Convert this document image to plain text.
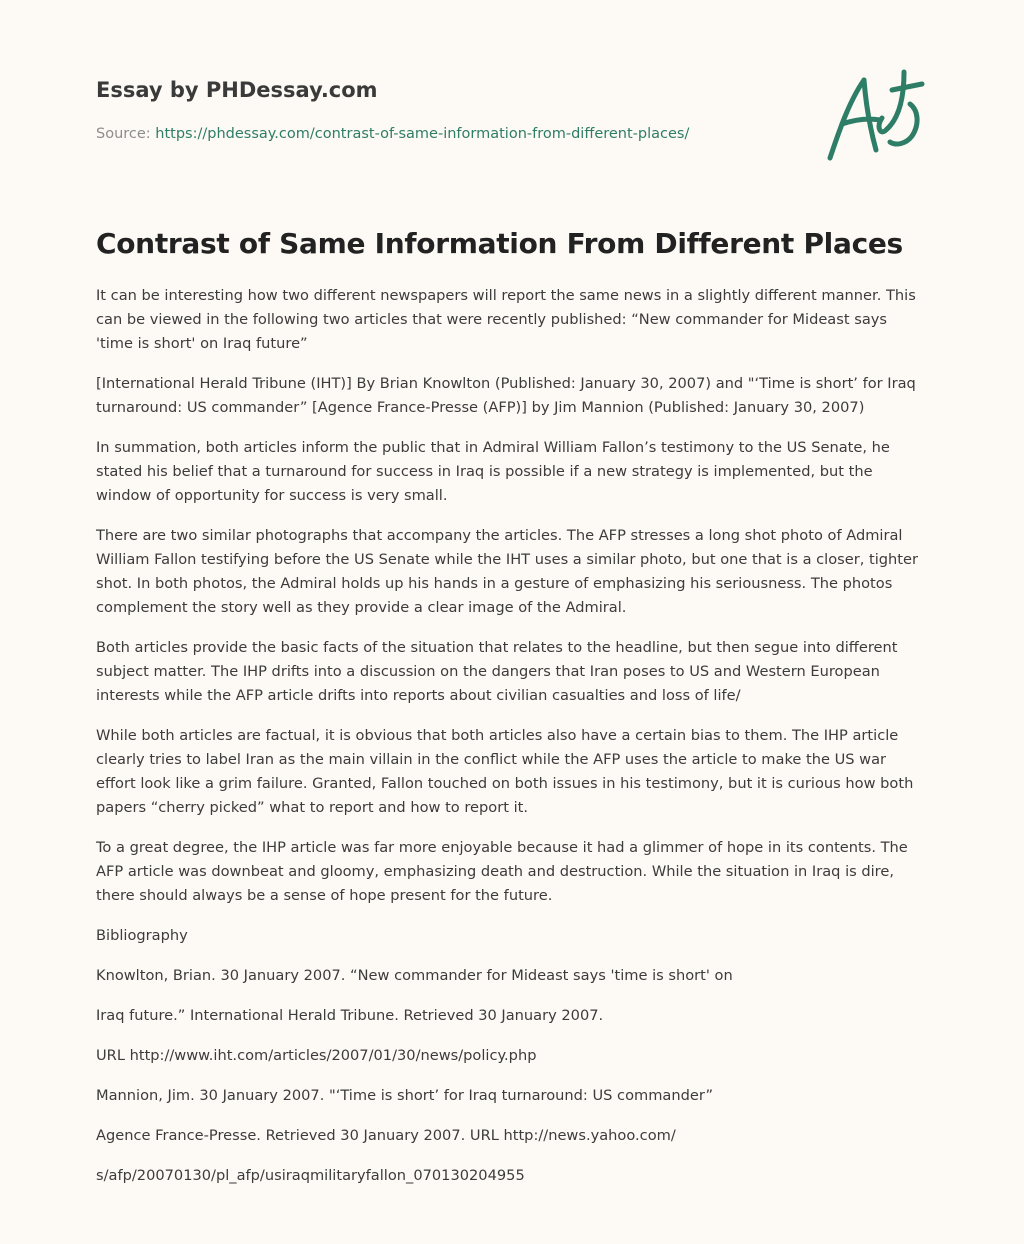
Essay by PHDessay.com
Source: https://phdessay.com/contrast-of-same-information-from-different-places/
Contrast of Same Information From Different Places

It can be interesting how two different newspapers will report the same news in a slightly different manner. This can be viewed in the following two articles that were recently published: “New commander for Mideast says 'time is short' on Iraq future”

[International Herald Tribune (IHT)] By Brian Knowlton (Published: January 30, 2007) and "‘Time is short’ for Iraq turnaround: US commander” [Agence France-Presse (AFP)] by Jim Mannion (Published: January 30, 2007)

In summation, both articles inform the public that in Admiral William Fallon’s testimony to the US Senate, he stated his belief that a turnaround for success in Iraq is possible if a new strategy is implemented, but the window of opportunity for success is very small.

There are two similar photographs that accompany the articles. The AFP stresses a long shot photo of Admiral William Fallon testifying before the US Senate while the IHT uses a similar photo, but one that is a closer, tighter shot. In both photos, the Admiral holds up his hands in a gesture of emphasizing his seriousness. The photos complement the story well as they provide a clear image of the Admiral.

Both articles provide the basic facts of the situation that relates to the headline, but then segue into different subject matter. The IHP drifts into a discussion on the dangers that Iran poses to US and Western European interests while the AFP article drifts into reports about civilian casualties and loss of life/

While both articles are factual, it is obvious that both articles also have a certain bias to them. The IHP article clearly tries to label Iran as the main villain in the conflict while the AFP uses the article to make the US war effort look like a grim failure. Granted, Fallon touched on both issues in his testimony, but it is curious how both papers “cherry picked” what to report and how to report it.

To a great degree, the IHP article was far more enjoyable because it had a glimmer of hope in its contents. The AFP article was downbeat and gloomy, emphasizing death and destruction. While the situation in Iraq is dire, there should always be a sense of hope present for the future.

Bibliography

Knowlton, Brian. 30 January 2007. “New commander for Mideast says 'time is short' on

Iraq future.” International Herald Tribune. Retrieved 30 January 2007.

URL http://www.iht.com/articles/2007/01/30/news/policy.php

Mannion, Jim. 30 January 2007. "‘Time is short’ for Iraq turnaround: US commander”

Agence France-Presse. Retrieved 30 January 2007. URL http://news.yahoo.com/

s/afp/20070130/pl_afp/usiraqmilitaryfallon_070130204955
